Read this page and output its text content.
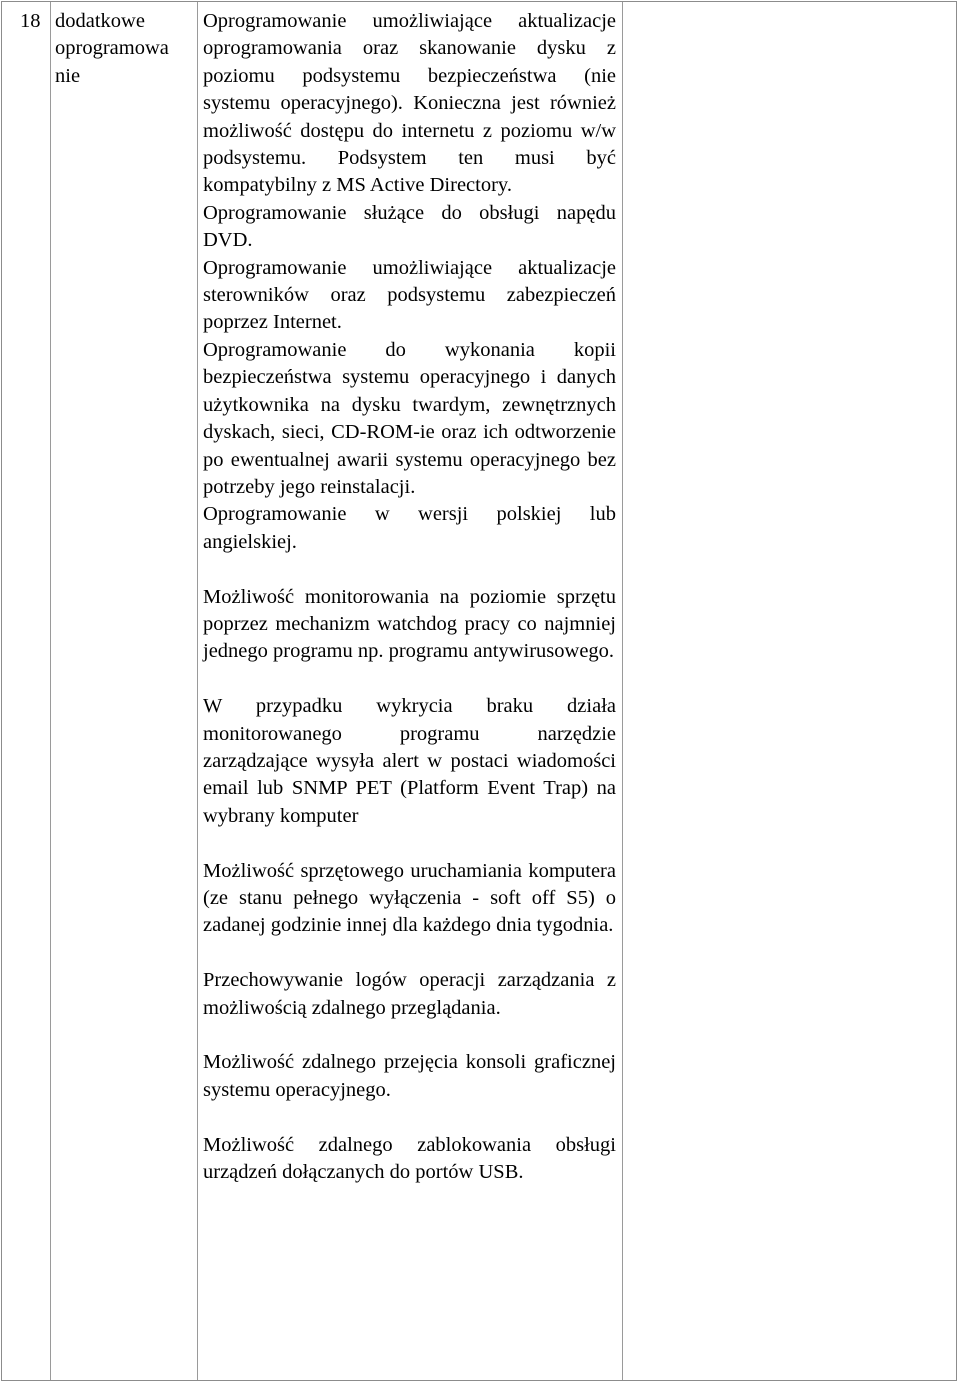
18 dodatkowe
oprogramowa
nie

Oprogramowanie umożliwiające aktualizacje oprogramowania oraz skanowanie dysku z poziomu podsystemu bezpieczeństwa (nie systemu operacyjnego). Konieczna jest również możliwość dostępu do internetu z poziomu w/w podsystemu. Podsystem ten musi być kompatybilny z MS Active Directory.

Oprogramowanie służące do obsługi napędu DVD.

Oprogramowanie umożliwiające aktualizacje sterowników oraz podsystemu zabezpieczeń poprzez Internet.

Oprogramowanie do wykonania kopii bezpieczeństwa systemu operacyjnego i danych użytkownika na dysku twardym, zewnętrznych dyskach, sieci, CD-ROM-ie oraz ich odtworzenie po ewentualnej awarii systemu operacyjnego bez potrzeby jego reinstalacji.

Oprogramowanie w wersji polskiej lub angielskiej.

Możliwość monitorowania na poziomie sprzętu poprzez mechanizm watchdog pracy co najmniej jednego programu np. programu antywirusowego.

W przypadku wykrycia braku działa monitorowanego programu narzędzie zarządzające wysyła alert w postaci wiadomości email lub SNMP PET (Platform Event Trap) na wybrany komputer

Możliwość sprzętowego uruchamiania komputera (ze stanu pełnego wyłączenia - soft off S5) o zadanej godzinie innej dla każdego dnia tygodnia.

Przechowywanie logów operacji zarządzania z możliwością zdalnego przeglądania.

Możliwość zdalnego przejęcia konsoli graficznej systemu operacyjnego.

Możliwość zdalnego zablokowania obsługi urządzeń dołączanych do portów USB.
